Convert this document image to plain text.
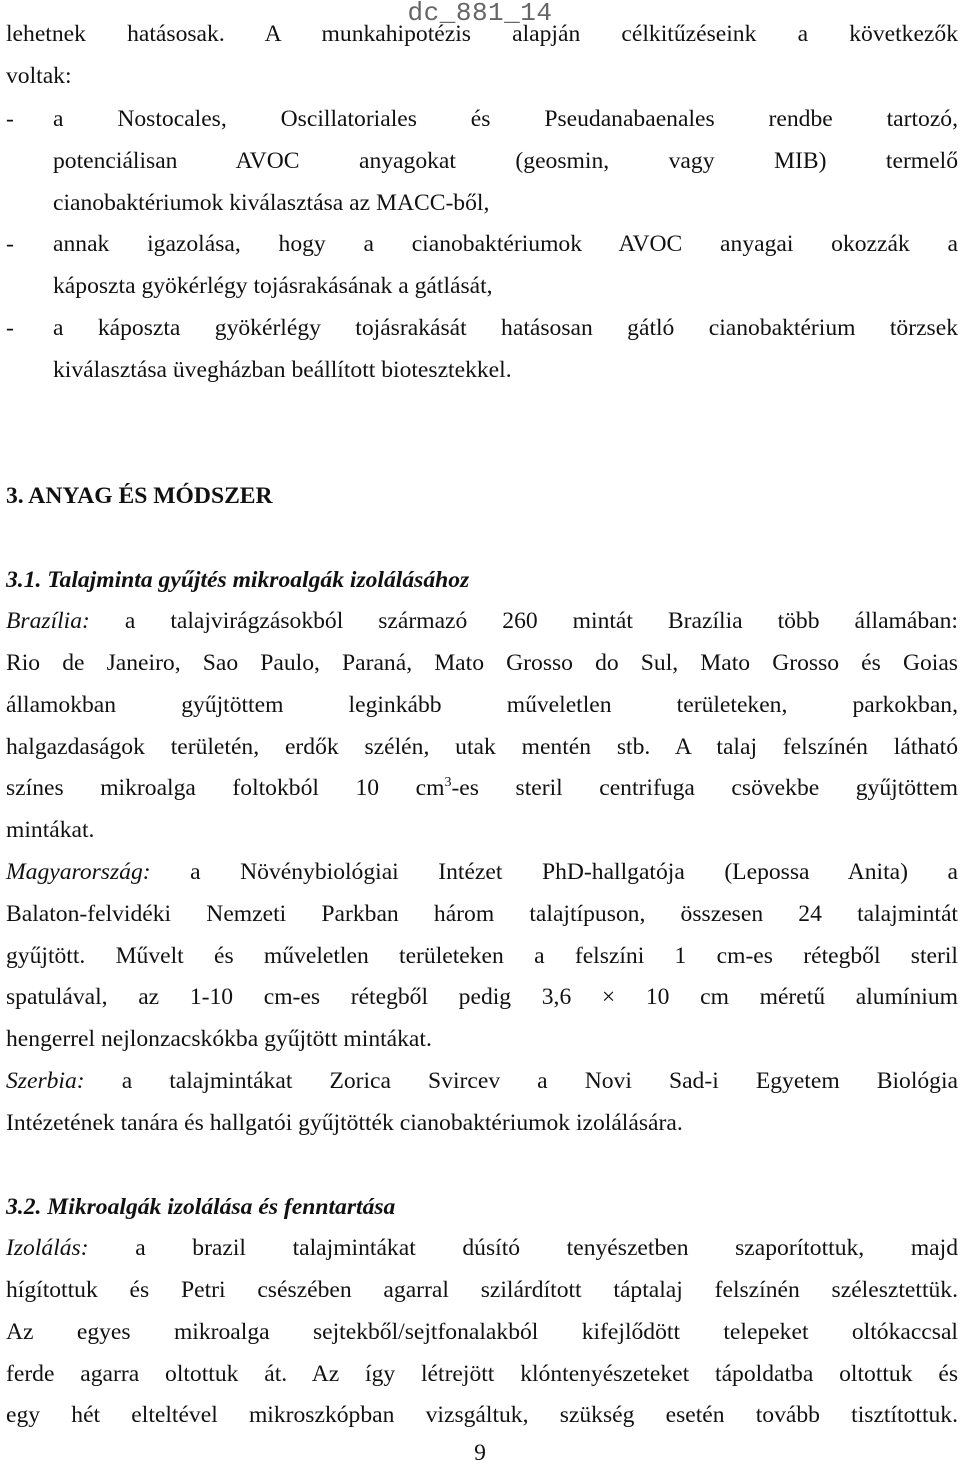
dc_881_14
lehetnek hatásosak. A munkahipotézis alapján célkitűzéseink a következők
voltak:
- a Nostocales, Oscillatoriales és Pseudanabaenales rendbe tartozó,
potenciálisan AVOC anyagokat (geosmin, vagy MIB) termelő
cianobaktériumok kiválasztása az MACC-ből,
- annak igazolása, hogy a cianobaktériumok AVOC anyagai okozzák a
káposzta gyökérlégy tojásrakásának a gátlását,
- a káposzta gyökérlégy tojásrakását hatásosan gátló cianobaktérium törzsek
kiválasztása üvegházban beállított biotesztekkel.
3. ANYAG ÉS MÓDSZER
3.1. Talajminta gyűjtés mikroalgák izolálásához
Brazília: a talajvirágzásokból származó 260 mintát Brazília több államában:
Rio de Janeiro, Sao Paulo, Paraná, Mato Grosso do Sul, Mato Grosso és Goias
államokban gyűjtöttem leginkább műveletlen területeken, parkokban,
halgazdaságok területén, erdők szélén, utak mentén stb. A talaj felszínén látható
színes mikroalga foltokból 10 $cm^3-es$ steril centrifuga csövekbe gyűjtöttem
mintákat.
Magyarország: a Növénybiológiai Intézet PhD-hallgatója (Lepossa Anita) a
Balaton-felvidéki Nemzeti Parkban három talajtípuson, összesen 24 talajmintát
gyűjtött. Művelt és műveletlen területeken a felszíni 1 cm-es rétegből steril
spatulával, az 1-10 cm-es rétegből pedig 3,6 × 10 cm méretű alumínium
hengerrel nejlonzacskókba gyűjtött mintákat.
Szerbia: a talajmintákat Zorica Svircev a Novi Sad-i Egyetem Biológia
Intézetének tanára és hallgatói gyűjtötték cianobaktériumok izolálására.
3.2. Mikroalgák izolálása és fenntartása
Izolálás: a brazil talajmintákat dúsító tenyészetben szaporítottuk, majd
hígítottuk és Petri csészében agarral szilárdított táptalaj felszínén szélesztettük.
Az egyes mikroalga sejtekből/sejtfonalakból kifejlődött telepeket oltókaccsal
ferde agarra oltottuk át. Az így létrejött klóntenyészeteket tápoldatba oltottuk és
egy hét elteltével mikroszkópban vizsgáltuk, szükség esetén tovább tisztítottuk.
9
